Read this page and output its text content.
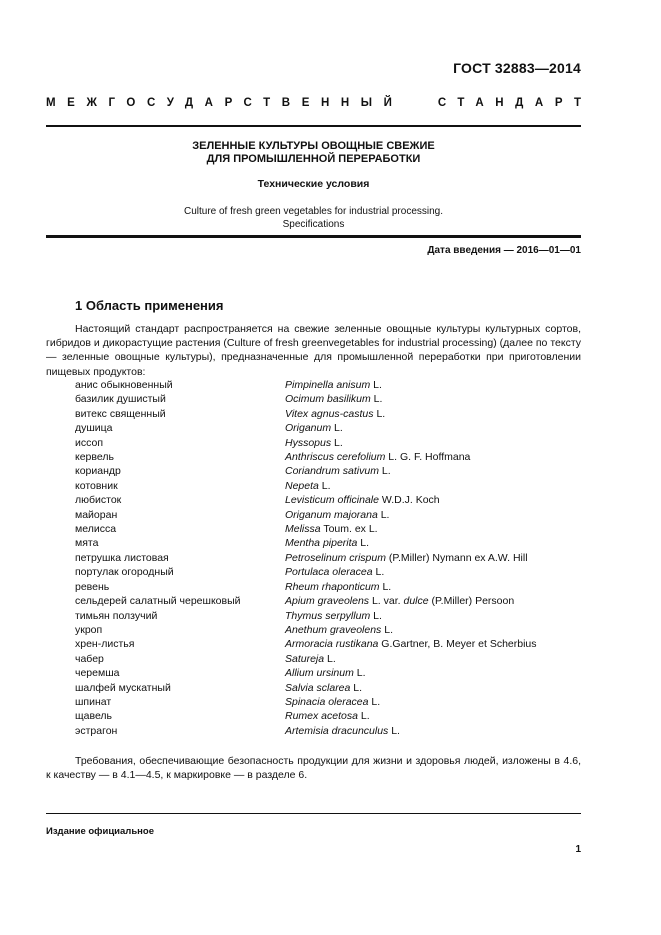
ГОСТ 32883—2014
МЕЖГОСУДАРСТВЕННЫЙ	СТАНДАРТ
ЗЕЛЕННЫЕ КУЛЬТУРЫ ОВОЩНЫЕ СВЕЖИЕ
ДЛЯ ПРОМЫШЛЕННОЙ ПЕРЕРАБОТКИ
Технические условия
Culture of fresh green vegetables for industrial processing.
Specifications
Дата введения — 2016—01—01
1 Область применения
Настоящий стандарт распространяется на свежие зеленные овощные культуры культурных сортов, гибридов и дикорастущие растения (Culture of fresh greenvegetables for industrial processing) (далее по тексту — зеленные овощные культуры), предназначенные для промышленной переработки при приготовлении пищевых продуктов:
анис обыкновенный	Pimpinella anisum L.
базилик душистый	Ocimum basilikum L.
витекс священный	Vitex agnus-castus L.
душица	Origanum L.
иссоп	Hyssopus L.
кервель	Anthriscus cerefolium L. G. F. Hoffmana
кориандр	Coriandrum sativum L.
котовник	Nepeta L.
любисток	Levisticum officinale W.D.J. Koch
майоран	Origanum majorana L.
мелисса	Melissa Toum. ex L.
мята	Mentha piperita L.
петрушка листовая	Petroselinum crispum (P.Miller) Nymann ex A.W. Hill
портулак огородный	Portulaca oleracea L.
ревень	Rheum rhaponticum L.
сельдерей салатный черешковый	Apium graveolens L. var. dulce (P.Miller) Persoon
тимьян ползучий	Thymus serpyllum L.
укроп	Anethum graveolens L.
хрен-листья	Armoracia rustikana G.Gartner, B. Meyer et Scherbius
чабер	Satureja L.
черемша	Allium ursinum L.
шалфей мускатный	Salvia sclarea L.
шпинат	Spinacia oleracea L.
щавель	Rumex acetosa L.
эстрагон	Artemisia dracunculus L.
Требования, обеспечивающие безопасность продукции для жизни и здоровья людей, изложены в 4.6, к качеству — в 4.1—4.5, к маркировке — в разделе 6.
Издание официальное
1
